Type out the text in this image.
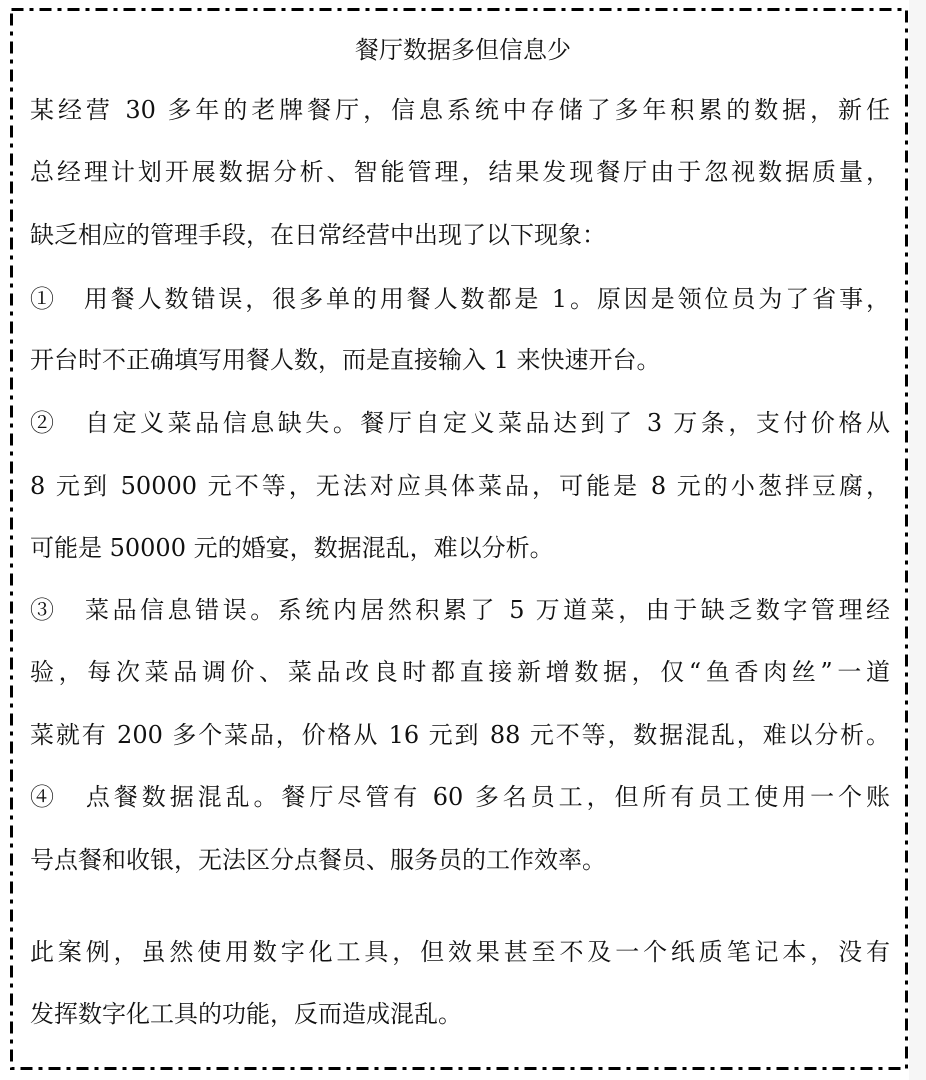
餐厅数据多但信息少
某经营 30 多年的老牌餐厅，信息系统中存储了多年积累的数据，新任
总经理计划开展数据分析、智能管理，结果发现餐厅由于忽视数据质量，
缺乏相应的管理手段，在日常经营中出现了以下现象：
①　用餐人数错误，很多单的用餐人数都是 1。原因是领位员为了省事，
开台时不正确填写用餐人数，而是直接输入 1 来快速开台。
②　自定义菜品信息缺失。餐厅自定义菜品达到了 3 万条，支付价格从
8 元到 50000 元不等，无法对应具体菜品，可能是 8 元的小葱拌豆腐，
可能是 50000 元的婚宴，数据混乱，难以分析。
③　菜品信息错误。系统内居然积累了 5 万道菜，由于缺乏数字管理经
验，每次菜品调价、菜品改良时都直接新增数据，仅“鱼香肉丝”一道
菜就有 200 多个菜品，价格从 16 元到 88 元不等，数据混乱，难以分析。
④　点餐数据混乱。餐厅尽管有 60 多名员工，但所有员工使用一个账
号点餐和收银，无法区分点餐员、服务员的工作效率。
此案例，虽然使用数字化工具，但效果甚至不及一个纸质笔记本，没有
发挥数字化工具的功能，反而造成混乱。
